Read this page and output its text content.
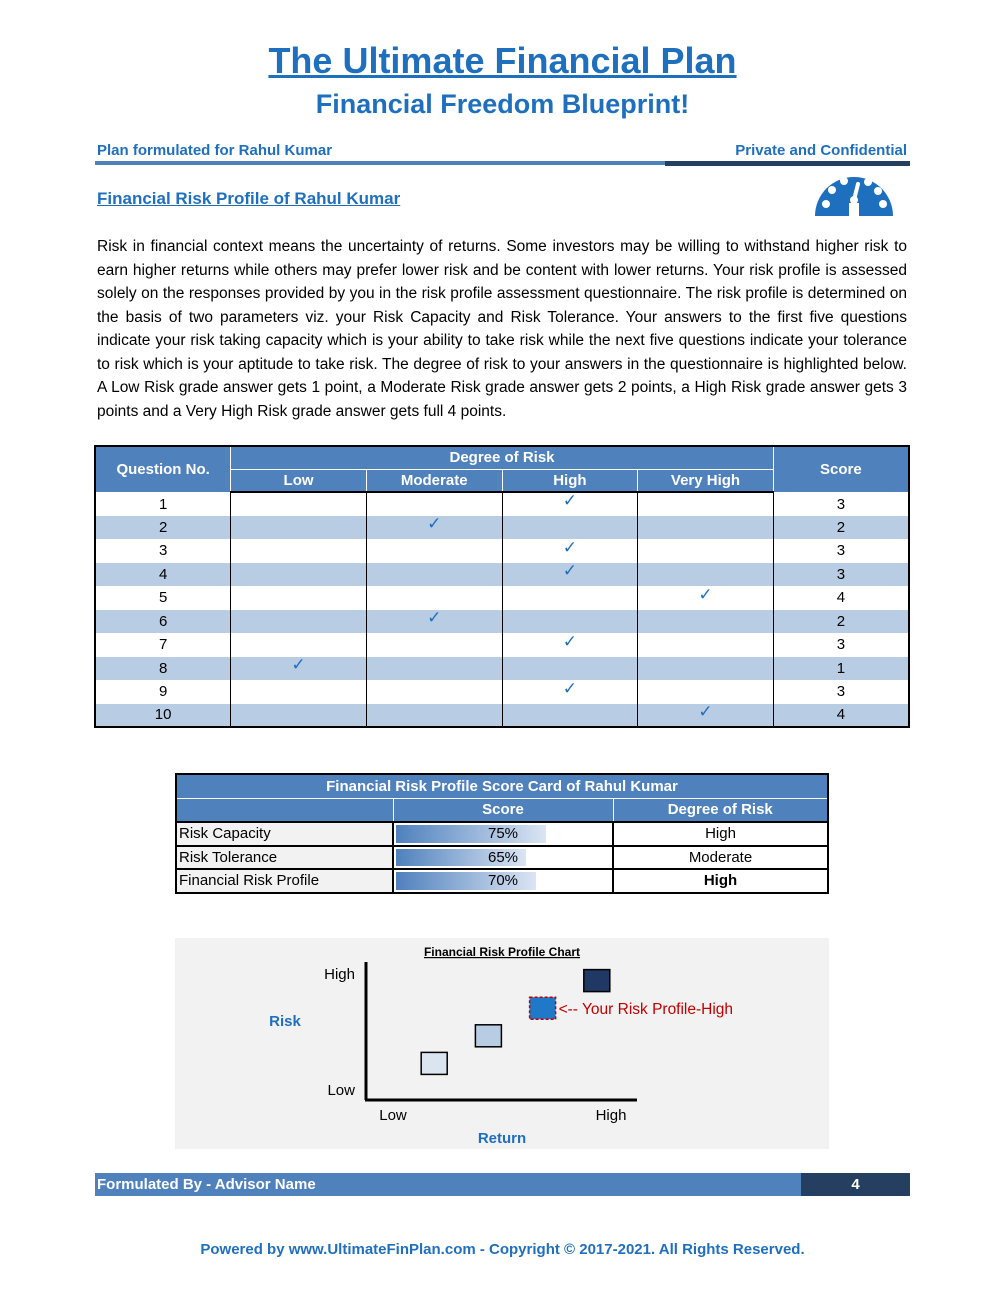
The Ultimate Financial Plan
Financial Freedom Blueprint!
Plan formulated for Rahul Kumar	Private and Confidential
Financial Risk Profile of Rahul Kumar
Risk in financial context means the uncertainty of returns. Some investors may be willing to withstand higher risk to earn higher returns while others may prefer lower risk and be content with lower returns. Your risk profile is assessed solely on the responses provided by you in the risk profile assessment questionnaire. The risk profile is determined on the basis of two parameters viz. your Risk Capacity and Risk Tolerance. Your answers to the first five questions indicate your risk taking capacity which is your ability to take risk while the next five questions indicate your tolerance to risk which is your aptitude to take risk. The degree of risk to your answers in the questionnaire is highlighted below. A Low Risk grade answer gets 1 point, a Moderate Risk grade answer gets 2 points, a High Risk grade answer gets 3 points and a Very High Risk grade answer gets full 4 points.
Question No.	Degree of Risk				Score
	Low	Moderate	High	Very High	
1			✓		3
2		✓			2
3			✓		3
4			✓		3
5				✓	4
6		✓			2
7			✓		3
8	✓				1
9			✓		3
10				✓	4
Financial Risk Profile Score Card of Rahul Kumar		
	Score	Degree of Risk
Risk Capacity	75%	High
Risk Tolerance	65%	Moderate
Financial Risk Profile	70%	High
Financial Risk Profile Chart
High
Low
Low	High
Risk
Return
<-- Your Risk Profile-High
Formulated By - Advisor Name	4
Powered by www.UltimateFinPlan.com - Copyright © 2017-2021. All Rights Reserved.
